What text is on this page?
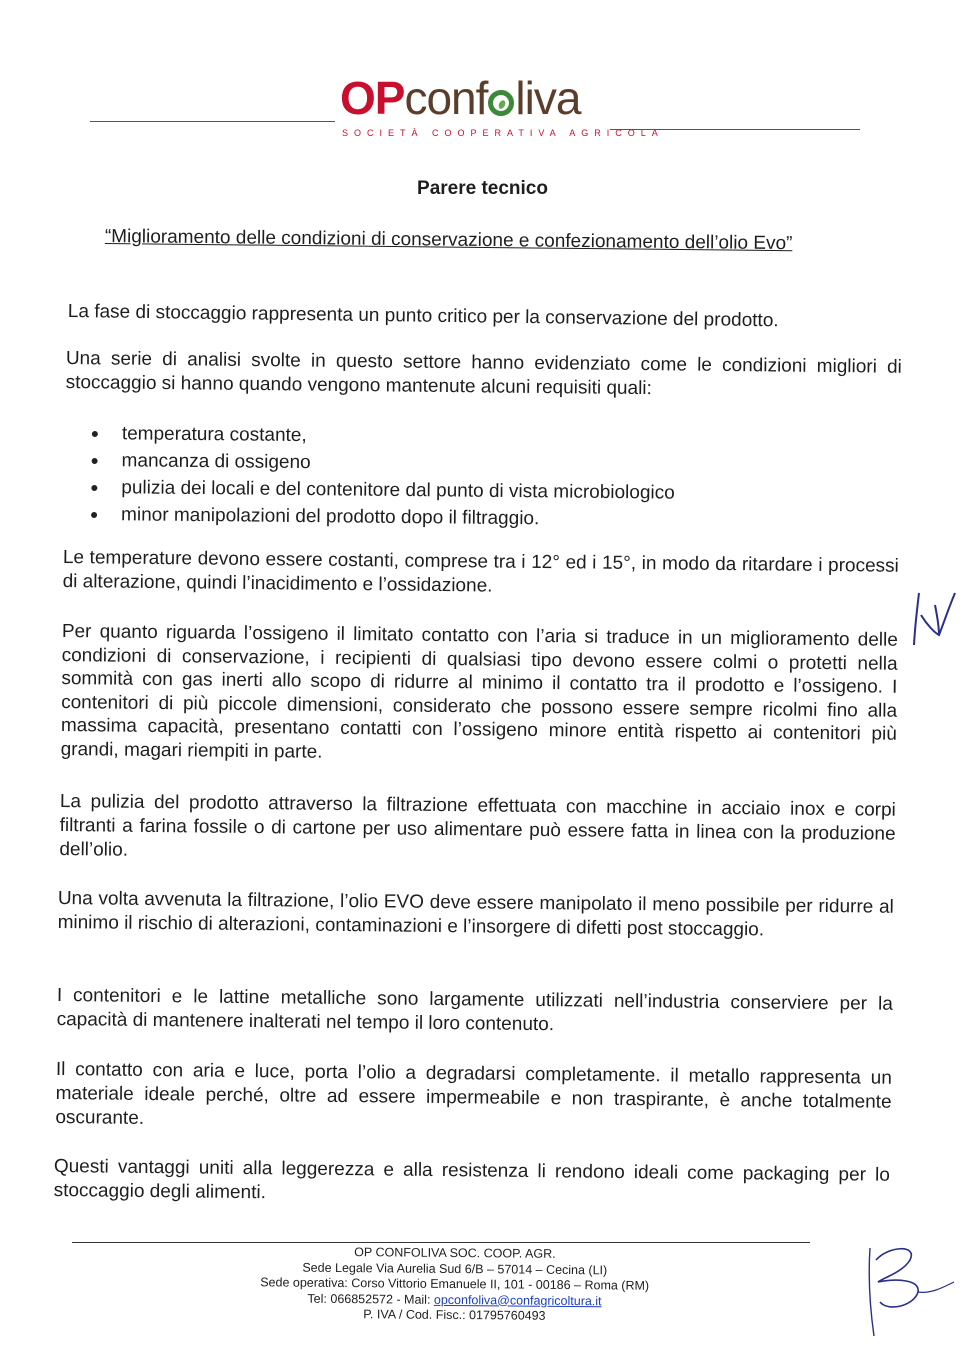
OPconf liva
SOCIETÀ COOPERATIVA AGRICOLA
Parere tecnico
“Miglioramento delle condizioni di conservazione e confezionamento dell’olio Evo”
La fase di stoccaggio rappresenta un punto critico per la conservazione del prodotto.
Una serie di analisi svolte in questo settore hanno evidenziato come le condizioni migliori di stoccaggio si hanno quando vengono mantenute alcuni requisiti quali:
temperatura costante,
mancanza di ossigeno
pulizia dei locali e del contenitore dal punto di vista microbiologico
minor manipolazioni del prodotto dopo il filtraggio.
Le temperature devono essere costanti, comprese tra i 12° ed i 15°, in modo da ritardare i processi di alterazione, quindi l’inacidimento e l’ossidazione.
Per quanto riguarda l’ossigeno il limitato contatto con l’aria si traduce in un miglioramento delle condizioni di conservazione, i recipienti di qualsiasi tipo devono essere colmi o protetti nella sommità con gas inerti allo scopo di ridurre al minimo il contatto tra il prodotto e l’ossigeno. I contenitori di più piccole dimensioni, considerato che possono essere sempre ricolmi fino alla massima capacità, presentano contatti con l’ossigeno minore entità rispetto ai contenitori più grandi, magari riempiti in parte.
La pulizia del prodotto attraverso la filtrazione effettuata con macchine in acciaio inox e corpi filtranti a farina fossile o di cartone per uso alimentare può essere fatta in linea con la produzione dell’olio.
Una volta avvenuta la filtrazione, l’olio EVO deve essere manipolato il meno possibile per ridurre al minimo il rischio di alterazioni, contaminazioni e l’insorgere di difetti post stoccaggio.
I contenitori e le lattine metalliche sono largamente utilizzati nell’industria conserviere per la capacità di mantenere inalterati nel tempo il loro contenuto.
Il contatto con aria e luce, porta l’olio a degradarsi completamente. il metallo rappresenta un materiale ideale perché, oltre ad essere impermeabile e non traspirante, è anche totalmente oscurante.
Questi vantaggi uniti alla leggerezza e alla resistenza li rendono ideali come packaging per lo stoccaggio degli alimenti.
OP CONFOLIVA SOC. COOP. AGR.
Sede Legale Via Aurelia Sud 6/B – 57014 – Cecina (LI)
Sede operativa: Corso Vittorio Emanuele II, 101 - 00186 – Roma (RM)
Tel: 066852572 - Mail: opconfoliva@confagricoltura.it
P. IVA / Cod. Fisc.: 01795760493
